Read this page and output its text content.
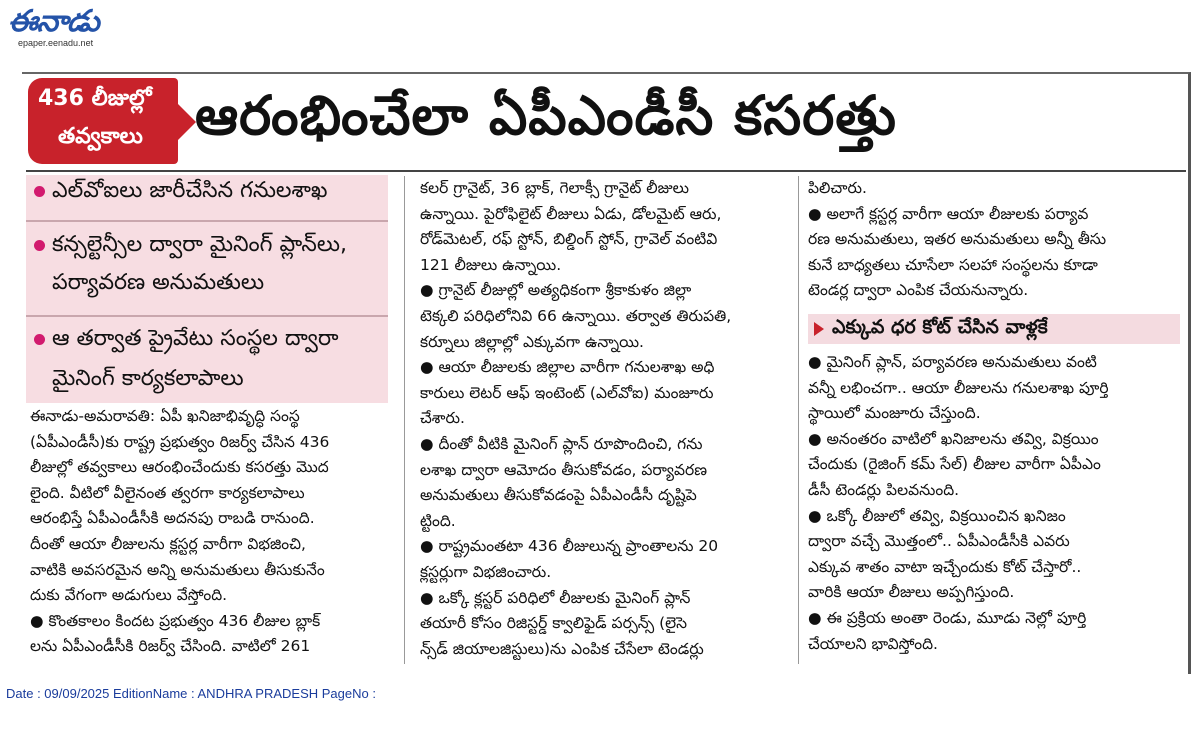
ఈనాడు
epaper.eenadu.net
436 లీజుల్లో
తవ్వకాలు ఆరంభించేలా ఏపీఎండీసీ కసరత్తు
ఎల్‌వోఐలు జారీచేసిన గనులశాఖ
కన్సల్టెన్సీల ద్వారా మైనింగ్ ప్లాన్‌లు,
పర్యావరణ అనుమతులు
ఆ తర్వాత ప్రైవేటు సంస్థల ద్వారా
మైనింగ్ కార్యకలాపాలు

ఈనాడు-అమరావతి: ఏపీ ఖనిజాభివృద్ధి సంస్థ
(ఏపీఎండీసీ)కు రాష్ట్ర ప్రభుత్వం రిజర్వ్ చేసిన 436
లీజుల్లో తవ్వకాలు ఆరంభించేందుకు కసరత్తు మొద
లైంది. వీటిలో వీలైనంత త్వరగా కార్యకలాపాలు
ఆరంభిస్తే ఏపీఎండీసీకి అదనపు రాబడి రానుంది.
దీంతో ఆయా లీజులను క్లస్టర్ల వారీగా విభజించి,
వాటికి అవసరమైన అన్ని అనుమతులు తీసుకునేం
దుకు వేగంగా అడుగులు వేస్తోంది.

● కొంతకాలం కిందట ప్రభుత్వం 436 లీజుల బ్లాక్
లను ఏపీఎండీసీకి రిజర్వ్ చేసింది. వాటిలో 261

కలర్ గ్రానైట్, 36 బ్లాక్, గెలాక్సీ గ్రానైట్ లీజులు
ఉన్నాయి. పైరోఫిలైట్ లీజులు ఏడు, డోలమైట్ ఆరు,
రోడ్‌మెటల్, రఫ్ స్టోన్, బిల్డింగ్ స్టోన్, గ్రావెల్ వంటివి
121 లీజులు ఉన్నాయి.

● గ్రానైట్ లీజుల్లో అత్యధికంగా శ్రీకాకుళం జిల్లా
టెక్కలి పరిధిలోనివి 66 ఉన్నాయి. తర్వాత తిరుపతి,
కర్నూలు జిల్లాల్లో ఎక్కువగా ఉన్నాయి.

● ఆయా లీజులకు జిల్లాల వారీగా గనులశాఖ అధి
కారులు లెటర్ ఆఫ్ ఇంటెంట్ (ఎల్‌వోఐ) మంజూరు
చేశారు.

● దీంతో వీటికి మైనింగ్ ప్లాన్ రూపొందించి, గను
లశాఖ ద్వారా ఆమోదం తీసుకోవడం, పర్యావరణ
అనుమతులు తీసుకోవడంపై ఏపీఎండీసీ దృష్టిపె
ట్టింది.

● రాష్ట్రమంతటా 436 లీజులున్న ప్రాంతాలను 20
క్లస్టర్లుగా విభజించారు.

● ఒక్కో క్లస్టర్ పరిధిలో లీజులకు మైనింగ్ ప్లాన్
తయారీ కోసం రిజిస్టర్డ్ క్వాలిఫైడ్ పర్సన్స్ (లైసె
న్స్‌డ్ జియాలజిస్టులు)ను ఎంపిక చేసేలా టెండర్లు

పిలిచారు.

● అలాగే క్లస్టర్ల వారీగా ఆయా లీజులకు పర్యావ
రణ అనుమతులు, ఇతర అనుమతులు అన్నీ తీసు
కునే బాధ్యతలు చూసేలా సలహా సంస్థలను కూడా
టెండర్ల ద్వారా ఎంపిక చేయనున్నారు.

ఎక్కువ ధర కోట్ చేసిన వాళ్లకే

● మైనింగ్ ప్లాన్, పర్యావరణ అనుమతులు వంటి
వన్నీ లభించగా.. ఆయా లీజులను గనులశాఖ పూర్తి
స్థాయిలో మంజూరు చేస్తుంది.

● అనంతరం వాటిలో ఖనిజాలను తవ్వి, విక్రయిం
చేందుకు (రైజింగ్ కమ్ సేల్) లీజుల వారీగా ఏపీఎం
డీసీ టెండర్లు పిలవనుంది.

● ఒక్కో లీజులో తవ్వి, విక్రయించిన ఖనిజం
ద్వారా వచ్చే మొత్తంలో.. ఏపీఎండీసీకి ఎవరు
ఎక్కువ శాతం వాటా ఇచ్చేందుకు కోట్ చేస్తారో..
వారికి ఆయా లీజులు అప్పగిస్తుంది.

● ఈ ప్రక్రియ అంతా రెండు, మూడు నెల్లో పూర్తి
చేయాలని భావిస్తోంది.

Date : 09/09/2025 EditionName : ANDHRA PRADESH PageNo :
